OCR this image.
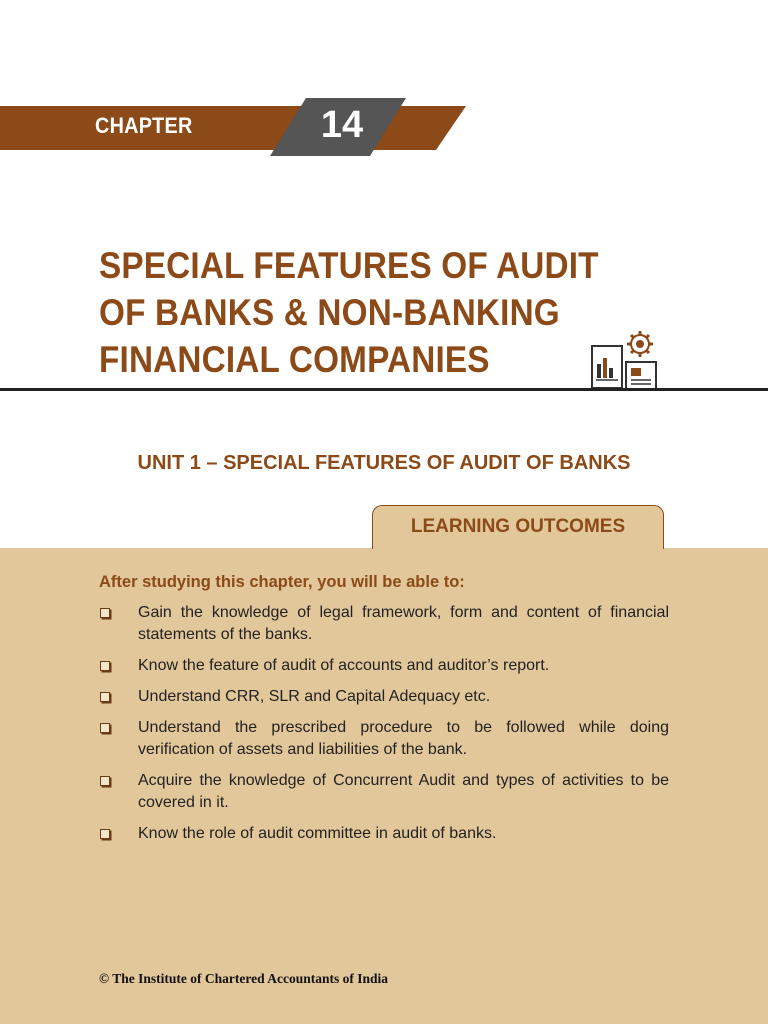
CHAPTER	14
SPECIAL FEATURES OF AUDIT
OF BANKS & NON-BANKING
FINANCIAL COMPANIES
UNIT 1 – SPECIAL FEATURES OF AUDIT OF BANKS
LEARNING OUTCOMES
After studying this chapter, you will be able to:
Gain the knowledge of legal framework, form and content of financial statements of the banks.
Know the feature of audit of accounts and auditor’s report.
Understand CRR, SLR and Capital Adequacy etc.
Understand the prescribed procedure to be followed while doing verification of assets and liabilities of the bank.
Acquire the knowledge of Concurrent Audit and types of activities to be covered in it.
Know the role of audit committee in audit of banks.
© The Institute of Chartered Accountants of India
